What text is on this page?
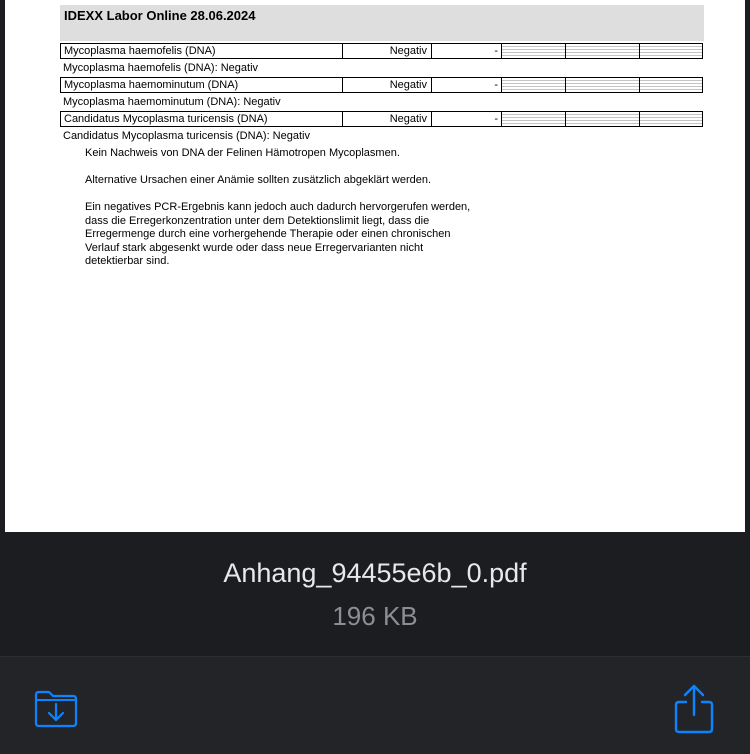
IDEXX Labor Online 28.06.2024
Mycoplasma haemofelis (DNA)	Negativ	-
Mycoplasma haemofelis (DNA): Negativ
Mycoplasma haemominutum (DNA)	Negativ	-
Mycoplasma haemominutum (DNA): Negativ
Candidatus Mycoplasma turicensis (DNA)	Negativ	-
Candidatus Mycoplasma turicensis (DNA): Negativ
Kein Nachweis von DNA der Felinen Hämotropen Mycoplasmen.
Alternative Ursachen einer Anämie sollten zusätzlich abgeklärt werden.
Ein negatives PCR-Ergebnis kann jedoch auch dadurch hervorgerufen werden,
dass die Erregerkonzentration unter dem Detektionslimit liegt, dass die
Erregermenge durch eine vorhergehende Therapie oder einen chronischen
Verlauf stark abgesenkt wurde oder dass neue Erregervarianten nicht
detektierbar sind.
Anhang_94455e6b_0.pdf
196 KB
